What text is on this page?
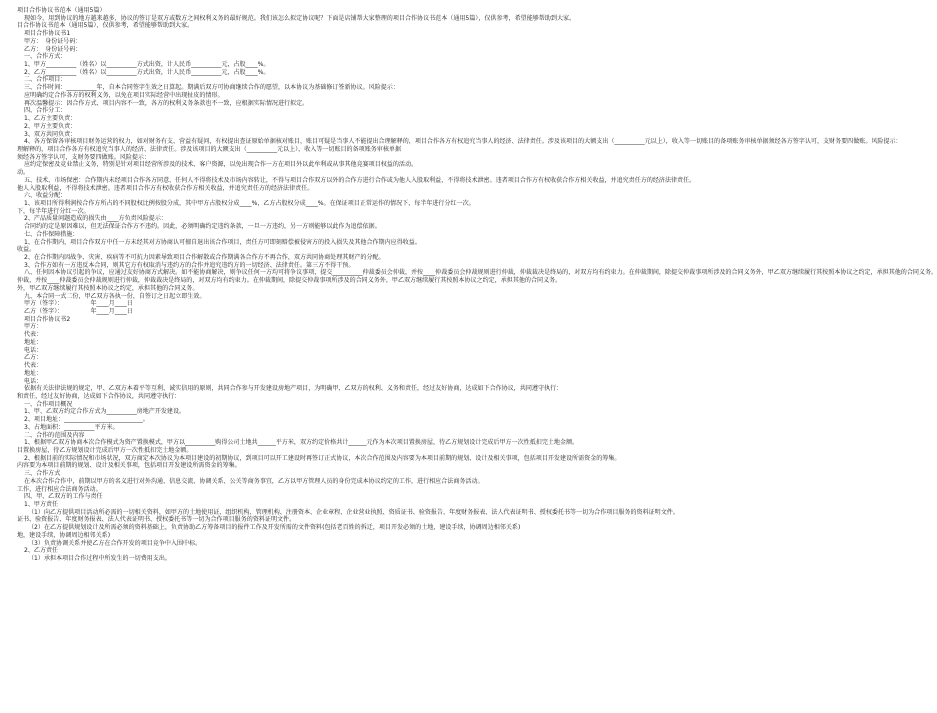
项目合作协议书范本（通用5篇）
现如今，用到协议的地方越来越多，协议的签订是双方或数方之间权利义务的最好规范。我们该怎么拟定协议呢？下面是店铺帮大家整理的项目合作协议书范本（通用5篇），仅供参考，希望能够帮助到大家。
目合作协议书范本（通用5篇），仅供参考，希望能够帮助到大家。
项目合作协议书1
甲方：　身份证号码：
乙方：　身份证号码：
一、合作方式：
1、甲方__________（姓名）以__________方式出资，计人民币__________元，占股____%。
2、乙方__________（姓名）以__________方式出资，计人民币__________元，占股____%。
二、合作项目：
三、合作时间：__________年，自本合同签字生效之日算起。期满后双方可协商继续合作的愿望，以本协议为基础修订签新协议。风险提示：
应明确约定合作各方的权利义务，以免在项目实际经营中出现扯皮的情形。
再次温馨提示：因合作方式、项目内容不一致，各方的权利义务条款也不一致，应根据实际情况进行拟定。
四、合作分工：
1、乙方主要负责：
2、甲方主要负责：
3、双方共同负责：
4、各方保留各审核项目财务运营的权力，如对财务有支、营益有疑问，有权提出查证原始单据核对账目，账目可疑是当事人不能提出合理解释的，项目合作各方有权追究当事人的经济、法律责任。涉及该项目的大额支出（__________元以上），收入等一切账目的备项账务审核单据须经各方签字认可，支财务要四做账。风险提示：
理解释的，项目合作各方有权追究当事人的经济、法律责任。涉及该项目的大额支出（__________元以上），收入等一切账目的备项账务审核单据
须经各方签字认可，支财务要四做账。风险提示：
应约定保密及竞业禁止义务，特别是针对项目经营所涉及的技术、客户资源，以免出现合作一方在项目外以此牟利或从事其他竞赛项目权益的活动。
动。
五、技术、市场保密：合作期内未经项目合作各方同意，任何人不得将技术及市场内容转让，不得与项目合作双方以外的合作方进行合作或为他人入股取利益，不得将技术泄密。违者项目合作方有权收获合作方相关收益，并追究责任方的经济法律责任。
他人入股取利益，不得将技术泄密。违者项目合作方有权收获合作方相关收益，并追究责任方的经济法律责任。
六、收益分配：
1、该项目所得利润按合作方所占的不同股权比例按股分成，其中甲方占股权分成____%，乙方占股权分成____%。在保证项目正常运作的情况下，每半年进行分红一次。
下，每半年进行分红一次。
2、产品质量问题造成的损失由____方负责风险提示：
合同约的定是原因难以，但无法保证合作方不违约。因此，必须明确约定违约条款，一旦一方违约，另一方则能够以此作为追偿依据。
七、合作保障措施：
1、在合作期内，项目合作双方中任一方未经其对方协商认可擅自退出该合作项目，责任方可即刻赔偿被侵害方的投入损失及其他合作期内应得收益。
收益。
2、在合作期内因战争、灾害、疾病等不可抗力因素导致项目合作解散或合作期满各合作方不再合作，双方共同协商处理其财产的分配。
3、合作方如有一方违反本合同，则其它方有权取消与违约方的合作并追究违约方的一切经济、法律责任。第三方不得干预。
八、任何因本协议引起的争议，应通过友好协商方式解决。如不能协商解决，则争议任何一方均可将争议事项，提交__________仲裁委员会仲裁，并按____仲裁委员会仲裁规则进行仲裁，仲裁裁决是终局的，对双方均有约束力。在仲裁期间，除提交仲裁事项所涉及的合同义务外，甲乙双方继续履行其按照本协议之约定，承担其他的合同义务。
仲裁，并按____仲裁委员会仲裁规则进行仲裁，仲裁裁决是终局的，对双方均有约束力。在仲裁期间，除提交仲裁事项所涉及的合同义务外，甲乙双方继续履行其按照本协议之约定，承担其他的合同义务。
外，甲乙双方继续履行其按照本协议之约定，承担其他的合同义务。
九、本合同一式二份，甲乙双方各执一份，自签订之日起立即生效。
甲方（签字）：　　　　　年____月____日
乙方（签字）：　　　　　年____月____日
项目合作协议书2
甲方：
代表：
地址：
电话：
乙方：
代表：
地址：
电话：
依据有关法律法规的规定，甲、乙双方本着平等互利、诚实信用的原则，共同合作参与开发建设房地产项目，为明确甲、乙双方的权利、义务和责任，经过友好协商，达成如下合作协议，共同遵守执行：
和责任，经过友好协商，达成如下合作协议，共同遵守执行：
一、合作项目概况
1、甲、乙双方约定合作方式为__________房地产开发建设。
2、项目地址：__________________________。
3、占地面积：__________平方米。
二、合作的范围及内容
1、根据甲乙双方协商本次合作模式为资产置换模式，甲方以__________购得公司土地共______平方米，双方约定价格共计______元作为本次项目置换房屋，待乙方规划设计完成后甲方一次性抵扣完土地金额。
目置换房屋，待乙方规划设计完成后甲方一次性抵扣完土地金额。
2、根据目前的实际情况和市场状况，双方商定本次协议为本项目建设的初期协议，到项目可以开工建设时再签订正式协议，本次合作范围及内容要为本项目前期的规划、设计及相关事项，包括项目开发建设所需资金的筹集。
内容要为本项目前期的规划、设计及相关事项，包括项目开发建设所需资金的筹集。
三、合作方式
在本次合作合作中，前期以甲方的名义进行对外沟通、信息交流、协调关系、公关等商务事宜，乙方以甲方管理人员的身份完成本协议约定的工作，进行相应合法商务活动。
工作，进行相应合法商务活动。
四、甲、乙双方的工作与责任
1、甲方责任
（1）向乙方提供项目活动所必需的一切相关资料，如甲方的土地使用证、组织机构、管理机构、注册资本、企业章程、企业营业执照、资质证书、验资报告、年度财务报表、法人代表证明书、授权委托书等一切为合作项目服务的资料证明文件。
证书、验资报告、年度财务报表、法人代表证明书、授权委托书等一切为合作项目服务的资料证明文件。
（2）在乙方提供规划设计及所需必须的资料基础上，负责协助乙方筹备项目的报件工作及开发所需的文件资料(包括老百姓的拆迁，项目开发必须的土地，建设手续，协调周边相邻关系)
地，建设手续，协调周边相邻关系)
（3）负责协调关系并使乙方在合作开发的项目竞争中入围中标。
2、乙方责任
（1）承担本项目合作过程中所发生的一切费用支出。
